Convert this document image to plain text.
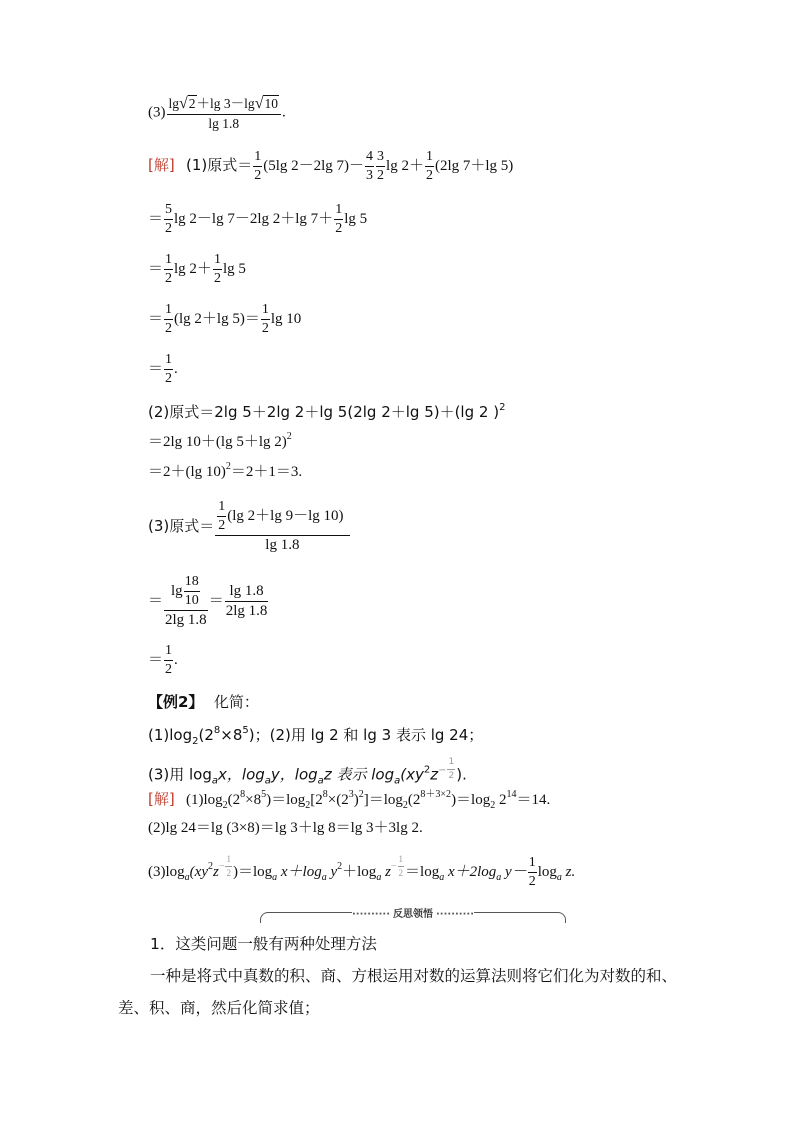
$(3) \frac{\lg√2+\lg 3-\lg√10}{\lg 1.8}$ .
[解] (1)原式＝ $\frac{1}{2} (5\lg$ 2－2lg $7)- \frac{4}{3} \frac{3}{2}$ $\lg 2+ \frac{1}{2} (2\lg$ 7＋lg 5)
＝ $\frac{5}{2}$ lg 2－lg 7－2lg 2＋lg $7+ \frac{1}{2}$ lg 5
＝ $\frac{1}{2}$ $\lg 2+ \frac{1}{2}$ lg 5
＝ $\frac{1}{2} (\lg$ 2＋lg $5)= \frac{1}{2}$ lg 10
＝ $\frac{1}{2}$ .
(2)原式＝2lg 5＋2lg 2＋lg 5(2lg 2＋lg 5)＋(lg 2 )$^2$
＝2lg 10＋(lg 5＋lg 2)$^2$
＝2＋(lg 10)$^2$＝2＋1＝3.
(3)原式＝ $\frac{\frac{1}{2} (\lg 2+\lg 9-\lg 10)}{\lg 1.8}$
＝ $\frac{\lg \frac{18}{10}}{2\lg 1.8} = \frac{\lg 1.8}{2\lg 1.8}$
＝ $\frac{1}{2}$ .
【例2】 化简：
$(1)\log_2(2^8\times 8^5)$；(2)用 lg 2 和 lg 3 表示 lg 24；
(3)用 $\log_ax$，$\log_ay$，$\log_az$ 表示 $\log_a(xy^2z^{- \frac{1}{2}}$ ).
[解] $(1)\log_2(2^8\times 8^5)=\log_2[2^8\times(2^3)^2]=\log_2(2^{8+3\times 2})=\log_2$ $2^{14}=14$.
(2)lg 24＝lg (3×8)＝lg 3＋lg 8＝lg 3＋3lg 2.
$(3)\log_a(xy^2z^{- \frac{1}{2}}$ )$=\log_a$ $x+\log_a$ $y^2+\log_a$ $z^{- \frac{1}{2}} =\log_a$ $x+2\log_a$ $y- \frac{1}{2} \log_a z$.
·········· 反思领悟 ··········
1．这类问题一般有两种处理方法
一种是将式中真数的积、商、方根运用对数的运算法则将它们化为对数的和、
差、积、商，然后化简求值；
